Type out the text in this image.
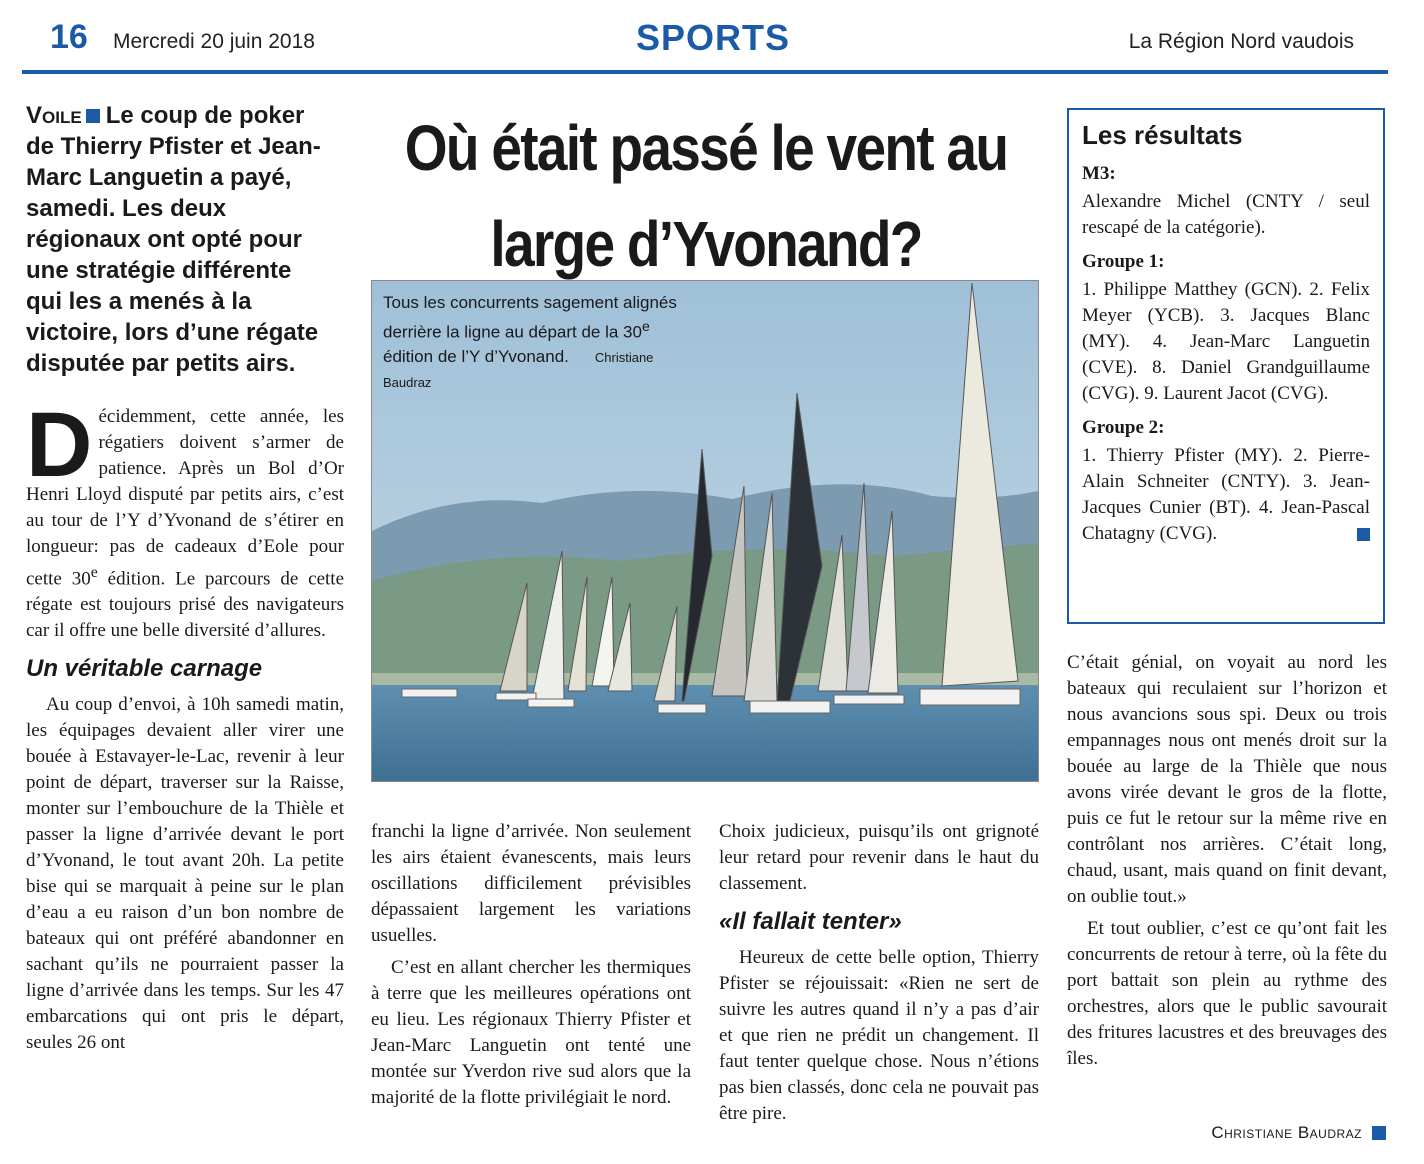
16 Mercredi 20 juin 2018	SPORTS	La Région Nord vaudois
Voile Le coup de poker de Thierry Pfister et Jean-Marc Languetin a payé, samedi. Les deux régionaux ont opté pour une stratégie différente qui les a menés à la victoire, lors d’une régate disputée par petits airs.
Où était passé le vent au large d’Yvonand?
Tous les concurrents sagement alignés derrière la ligne au départ de la 30e édition de l’Y d’Yvonand. Christiane Baudraz

Décidemment, cette année, les régatiers doivent s’armer de patience. Après un Bol d’Or Henri Lloyd disputé par petits airs, c’est au tour de l’Y d’Yvonand de s’étirer en longueur: pas de cadeaux d’Eole pour cette 30e édition. Le parcours de cette régate est toujours prisé des navigateurs car il offre une belle diversité d’allures.

Un véritable carnage

Au coup d’envoi, à 10h samedi matin, les équipages devaient aller virer une bouée à Estavayer-le-Lac, revenir à leur point de départ, traverser sur la Raisse, monter sur l’embouchure de la Thièle et passer la ligne d’arrivée devant le port d’Yvonand, le tout avant 20h. La petite bise qui se marquait à peine sur le plan d’eau a eu raison d’un bon nombre de bateaux qui ont préféré abandonner en sachant qu’ils ne pourraient passer la ligne d’arrivée dans les temps. Sur les 47 embarcations qui ont pris le départ, seules 26 ont

franchi la ligne d’arrivée. Non seulement les airs étaient évanescents, mais leurs oscillations difficilement prévisibles dépassaient largement les variations usuelles.

C’est en allant chercher les thermiques à terre que les meilleures opérations ont eu lieu. Les régionaux Thierry Pfister et Jean-Marc Languetin ont tenté une montée sur Yverdon rive sud alors que la majorité de la flotte privilégiait le nord.

Choix judicieux, puisqu’ils ont grignoté leur retard pour revenir dans le haut du classement.

«Il fallait tenter»

Heureux de cette belle option, Thierry Pfister se réjouissait: «Rien ne sert de suivre les autres quand il n’y a pas d’air et que rien ne prédit un changement. Il faut tenter quelque chose. Nous n’étions pas bien classés, donc cela ne pouvait pas être pire.

Les résultats
M3:

Alexandre Michel (CNTY / seul rescapé de la catégorie).

Groupe 1:

1. Philippe Matthey (GCN). 2. Felix Meyer (YCB). 3. Jacques Blanc (MY). 4. Jean-Marc Languetin (CVE). 8. Daniel Grandguillaume (CVG). 9. Laurent Jacot (CVG).

Groupe 2:

1. Thierry Pfister (MY). 2. Pierre-Alain Schneiter (CNTY). 3. Jean-Jacques Cunier (BT). 4. Jean-Pascal Chatagny (CVG).

C’était génial, on voyait au nord les bateaux qui reculaient sur l’horizon et nous avancions sous spi. Deux ou trois empannages nous ont menés droit sur la bouée au large de la Thièle que nous avons virée devant le gros de la flotte, puis ce fut le retour sur la même rive en contrôlant nos arrières. C’était long, chaud, usant, mais quand on finit devant, on oublie tout.»

Et tout oublier, c’est ce qu’ont fait les concurrents de retour à terre, où la fête du port battait son plein au rythme des orchestres, alors que le public savourait des fritures lacustres et des breuvages des îles.

Christiane Baudraz
